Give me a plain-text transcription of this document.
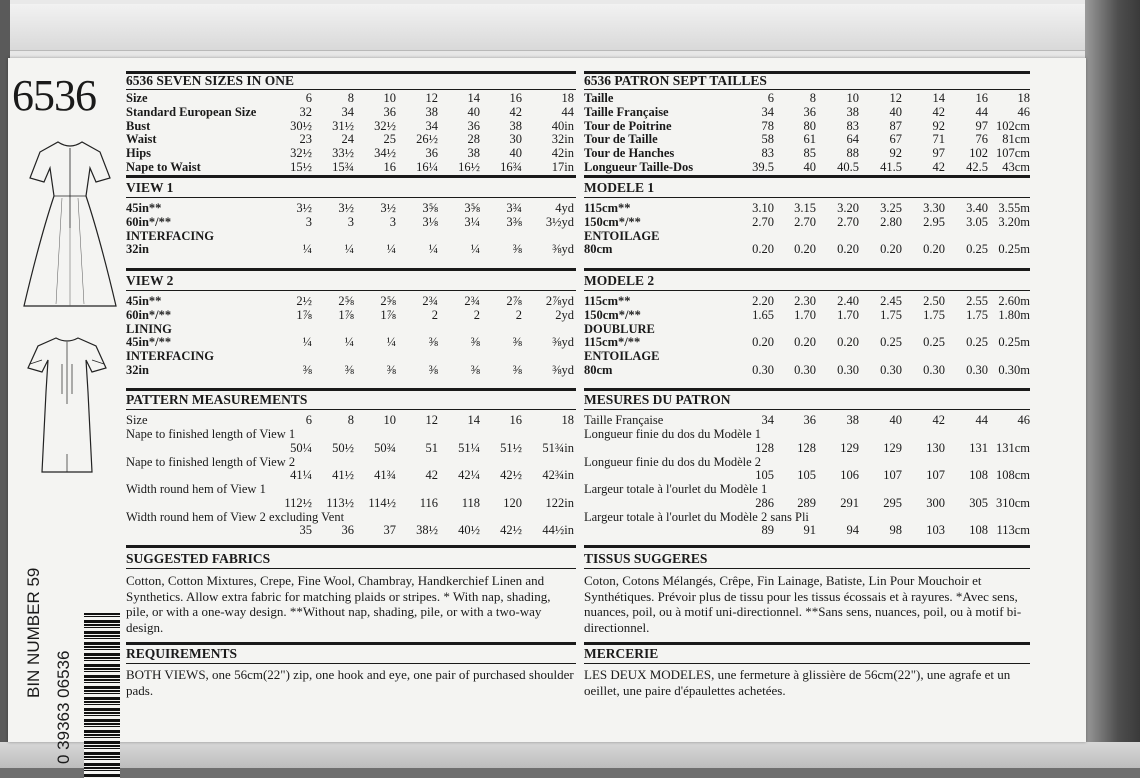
6536
BIN NUMBER 59
0 39363 06536
6536 SEVEN SIZES IN ONE
Size	6	8	10	12	14	16	18
Standard European Size	32	34	36	38	40	42	44
Bust	30½	31½	32½	34	36	38	40in
Waist	23	24	25	26½	28	30	32in
Hips	32½	33½	34½	36	38	40	42in
Nape to Waist	15½	15¾	16	16¼	16½	16¾	17in
VIEW 1
45in**	3½	3½	3½	3⅝	3⅝	3¾	4yd
60in*/**	3	3	3	3⅛	3¼	3⅜	3½yd
INTERFACING
32in	¼	¼	¼	¼	¼	⅜	⅜yd
VIEW 2
45in**	2½	2⅝	2⅝	2¾	2¾	2⅞	2⅞yd
60in*/**	1⅞	1⅞	1⅞	2	2	2	2yd
LINING
45in*/**	¼	¼	¼	⅜	⅜	⅜	⅜yd
INTERFACING
32in	⅜	⅜	⅜	⅜	⅜	⅜	⅜yd
PATTERN MEASUREMENTS
Size	6	8	10	12	14	16	18
Nape to finished length of View 1
50¼	50½	50¾	51	51¼	51½	51¾in
Nape to finished length of View 2
41¼	41½	41¾	42	42¼	42½	42¾in
Width round hem of View 1
112½	113½	114½	116	118	120	122in
Width round hem of View 2 excluding Vent
35	36	37	38½	40½	42½	44½in
SUGGESTED FABRICS
Cotton, Cotton Mixtures, Crepe, Fine Wool, Chambray, Handkerchief Linen and Synthetics. Allow extra fabric for matching plaids or stripes. * With nap, shading, pile, or with a one-way design. **Without nap, shading, pile, or with a two-way design.
REQUIREMENTS
BOTH VIEWS, one 56cm(22") zip, one hook and eye, one pair of purchased shoulder pads.
6536 PATRON SEPT TAILLES
Taille	6	8	10	12	14	16	18
Taille Française	34	36	38	40	42	44	46
Tour de Poitrine	78	80	83	87	92	97 102cm
Tour de Taille	58	61	64	67	71	76	81cm
Tour de Hanches	83	85	88	92	97	102 107cm
Longueur Taille-Dos	39.5	40	40.5	41.5	42	42.5	43cm
MODELE 1
115cm**	3.10	3.15	3.20	3.25	3.30	3.40 3.55m
150cm*/**	2.70	2.70	2.70	2.80	2.95	3.05 3.20m
ENTOILAGE
80cm	0.20	0.20	0.20	0.20	0.20	0.25 0.25m
MODELE 2
115cm**	2.20	2.30	2.40	2.45	2.50	2.55 2.60m
150cm*/**	1.65	1.70	1.70	1.75	1.75	1.75 1.80m
DOUBLURE
115cm*/**	0.20	0.20	0.20	0.25	0.25	0.25 0.25m
ENTOILAGE
80cm	0.30	0.30	0.30	0.30	0.30	0.30 0.30m
MESURES DU PATRON
Taille Française	34	36	38	40	42	44	46
Longueur finie du dos du Modèle 1
128	128	129	129	130	131 131cm
Longueur finie du dos du Modèle 2
105	105	106	107	107	108 108cm
Largeur totale à l'ourlet du Modèle 1
286	289	291	295	300	305 310cm
Largeur totale à l'ourlet du Modèle 2 sans Pli
89	91	94	98	103	108 113cm
TISSUS SUGGERES
Coton, Cotons Mélangés, Crêpe, Fin Lainage, Batiste, Lin Pour Mouchoir et Synthétiques. Prévoir plus de tissu pour les tissus écossais et à rayures. *Avec sens, nuances, poil, ou à motif uni-directionnel. **Sans sens, nuances, poil, ou à motif bi-directionnel.
MERCERIE
LES DEUX MODELES, une fermeture à glissière de 56cm(22"), une agrafe et un oeillet, une paire d'épaulettes achetées.
